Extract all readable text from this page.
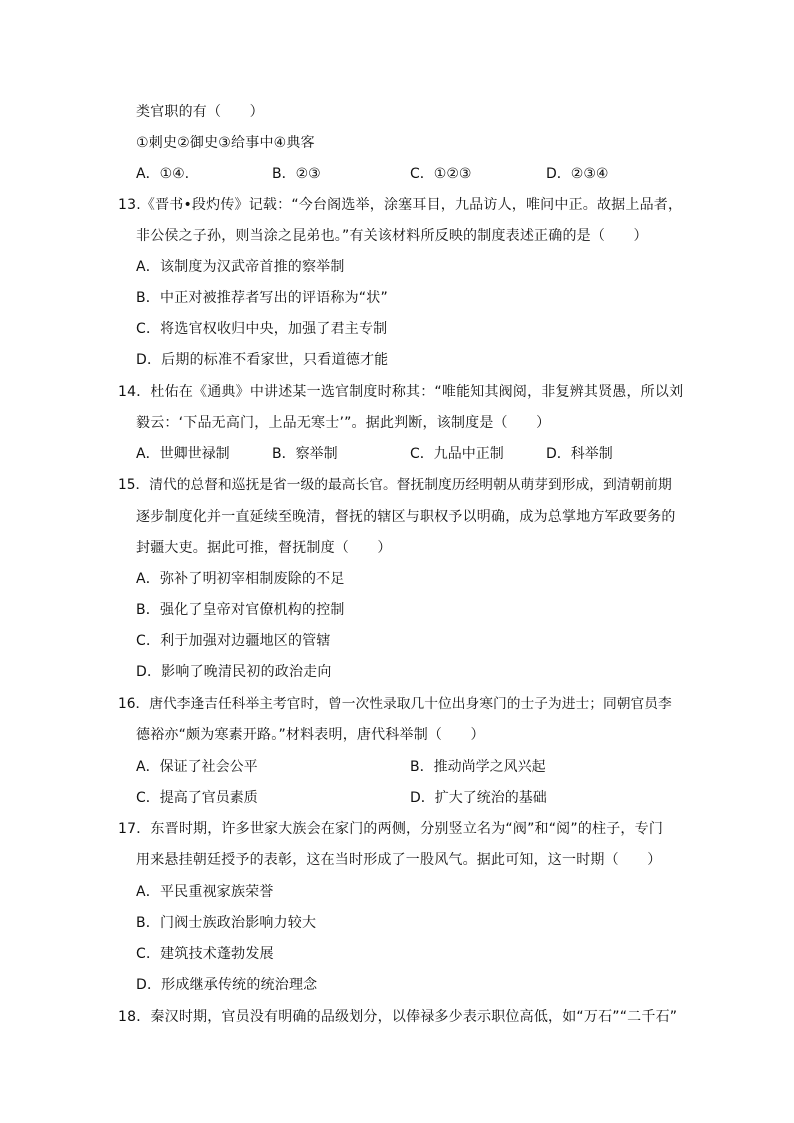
类官职的有（　　）
①刺史②御史③给事中④典客
A．①④.	B．②③	C．①②③	D．②③④
13.《晋书•段灼传》记载：“今台阁选举，涂塞耳目，九品访人，唯问中正。故据上品者，
非公侯之子孙，则当涂之昆弟也。”有关该材料所反映的制度表述正确的是（　　）
A．该制度为汉武帝首推的察举制
B．中正对被推荐者写出的评语称为“状”
C．将选官权收归中央，加强了君主专制
D．后期的标准不看家世，只看道德才能
14．杜佑在《通典》中讲述某一选官制度时称其：“唯能知其阀阅，非复辨其贤愚，所以刘
毅云：‘下品无高门，上品无寒士’”。据此判断，该制度是（　　）
A．世卿世禄制	B．察举制	C．九品中正制	D．科举制
15．清代的总督和巡抚是省一级的最高长官。督抚制度历经明朝从萌芽到形成，到清朝前期
逐步制度化并一直延续至晚清，督抚的辖区与职权予以明确，成为总掌地方军政要务的
封疆大吏。据此可推，督抚制度（　　）
A．弥补了明初宰相制废除的不足
B．强化了皇帝对官僚机构的控制
C．利于加强对边疆地区的管辖
D．影响了晚清民初的政治走向
16．唐代李逢吉任科举主考官时，曾一次性录取几十位出身寒门的士子为进士；同朝官员李
德裕亦“颇为寒素开路。”材料表明，唐代科举制（　　）
A．保证了社会公平	B．推动尚学之风兴起
C．提高了官员素质	D．扩大了统治的基础
17．东晋时期，许多世家大族会在家门的两侧，分别竖立名为“阀”和“阅”的柱子，专门
用来悬挂朝廷授予的表彰，这在当时形成了一股风气。据此可知，这一时期（　　）
A．平民重视家族荣誉
B．门阀士族政治影响力较大
C．建筑技术蓬勃发展
D．形成继承传统的统治理念
18．秦汉时期，官员没有明确的品级划分，以俸禄多少表示职位高低，如“万石”“二千石”
